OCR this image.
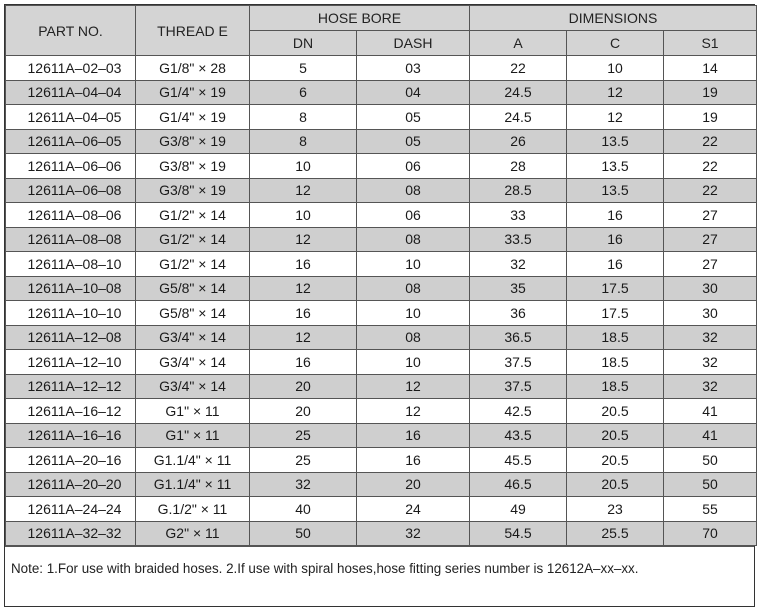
PART NO.	THREAD E	HOSE BORE		DIMENSIONS		
		DN	DASH	A	C	S1
12611A–02–03	G1/8" × 28	5	03	22	10	14
12611A–04–04	G1/4" × 19	6	04	24.5	12	19
12611A–04–05	G1/4" × 19	8	05	24.5	12	19
12611A–06–05	G3/8" × 19	8	05	26	13.5	22
12611A–06–06	G3/8" × 19	10	06	28	13.5	22
12611A–06–08	G3/8" × 19	12	08	28.5	13.5	22
12611A–08–06	G1/2" × 14	10	06	33	16	27
12611A–08–08	G1/2" × 14	12	08	33.5	16	27
12611A–08–10	G1/2" × 14	16	10	32	16	27
12611A–10–08	G5/8" × 14	12	08	35	17.5	30
12611A–10–10	G5/8" × 14	16	10	36	17.5	30
12611A–12–08	G3/4" × 14	12	08	36.5	18.5	32
12611A–12–10	G3/4" × 14	16	10	37.5	18.5	32
12611A–12–12	G3/4" × 14	20	12	37.5	18.5	32
12611A–16–12	G1" × 11	20	12	42.5	20.5	41
12611A–16–16	G1" × 11	25	16	43.5	20.5	41
12611A–20–16	G1.1/4" × 11	25	16	45.5	20.5	50
12611A–20–20	G1.1/4" × 11	32	20	46.5	20.5	50
12611A–24–24	G.1/2" × 11	40	24	49	23	55
12611A–32–32	G2" × 11	50	32	54.5	25.5	70
Note: 1.For use with braided hoses. 2.If use with spiral hoses,hose fitting series number is 12612A–xx–xx.
